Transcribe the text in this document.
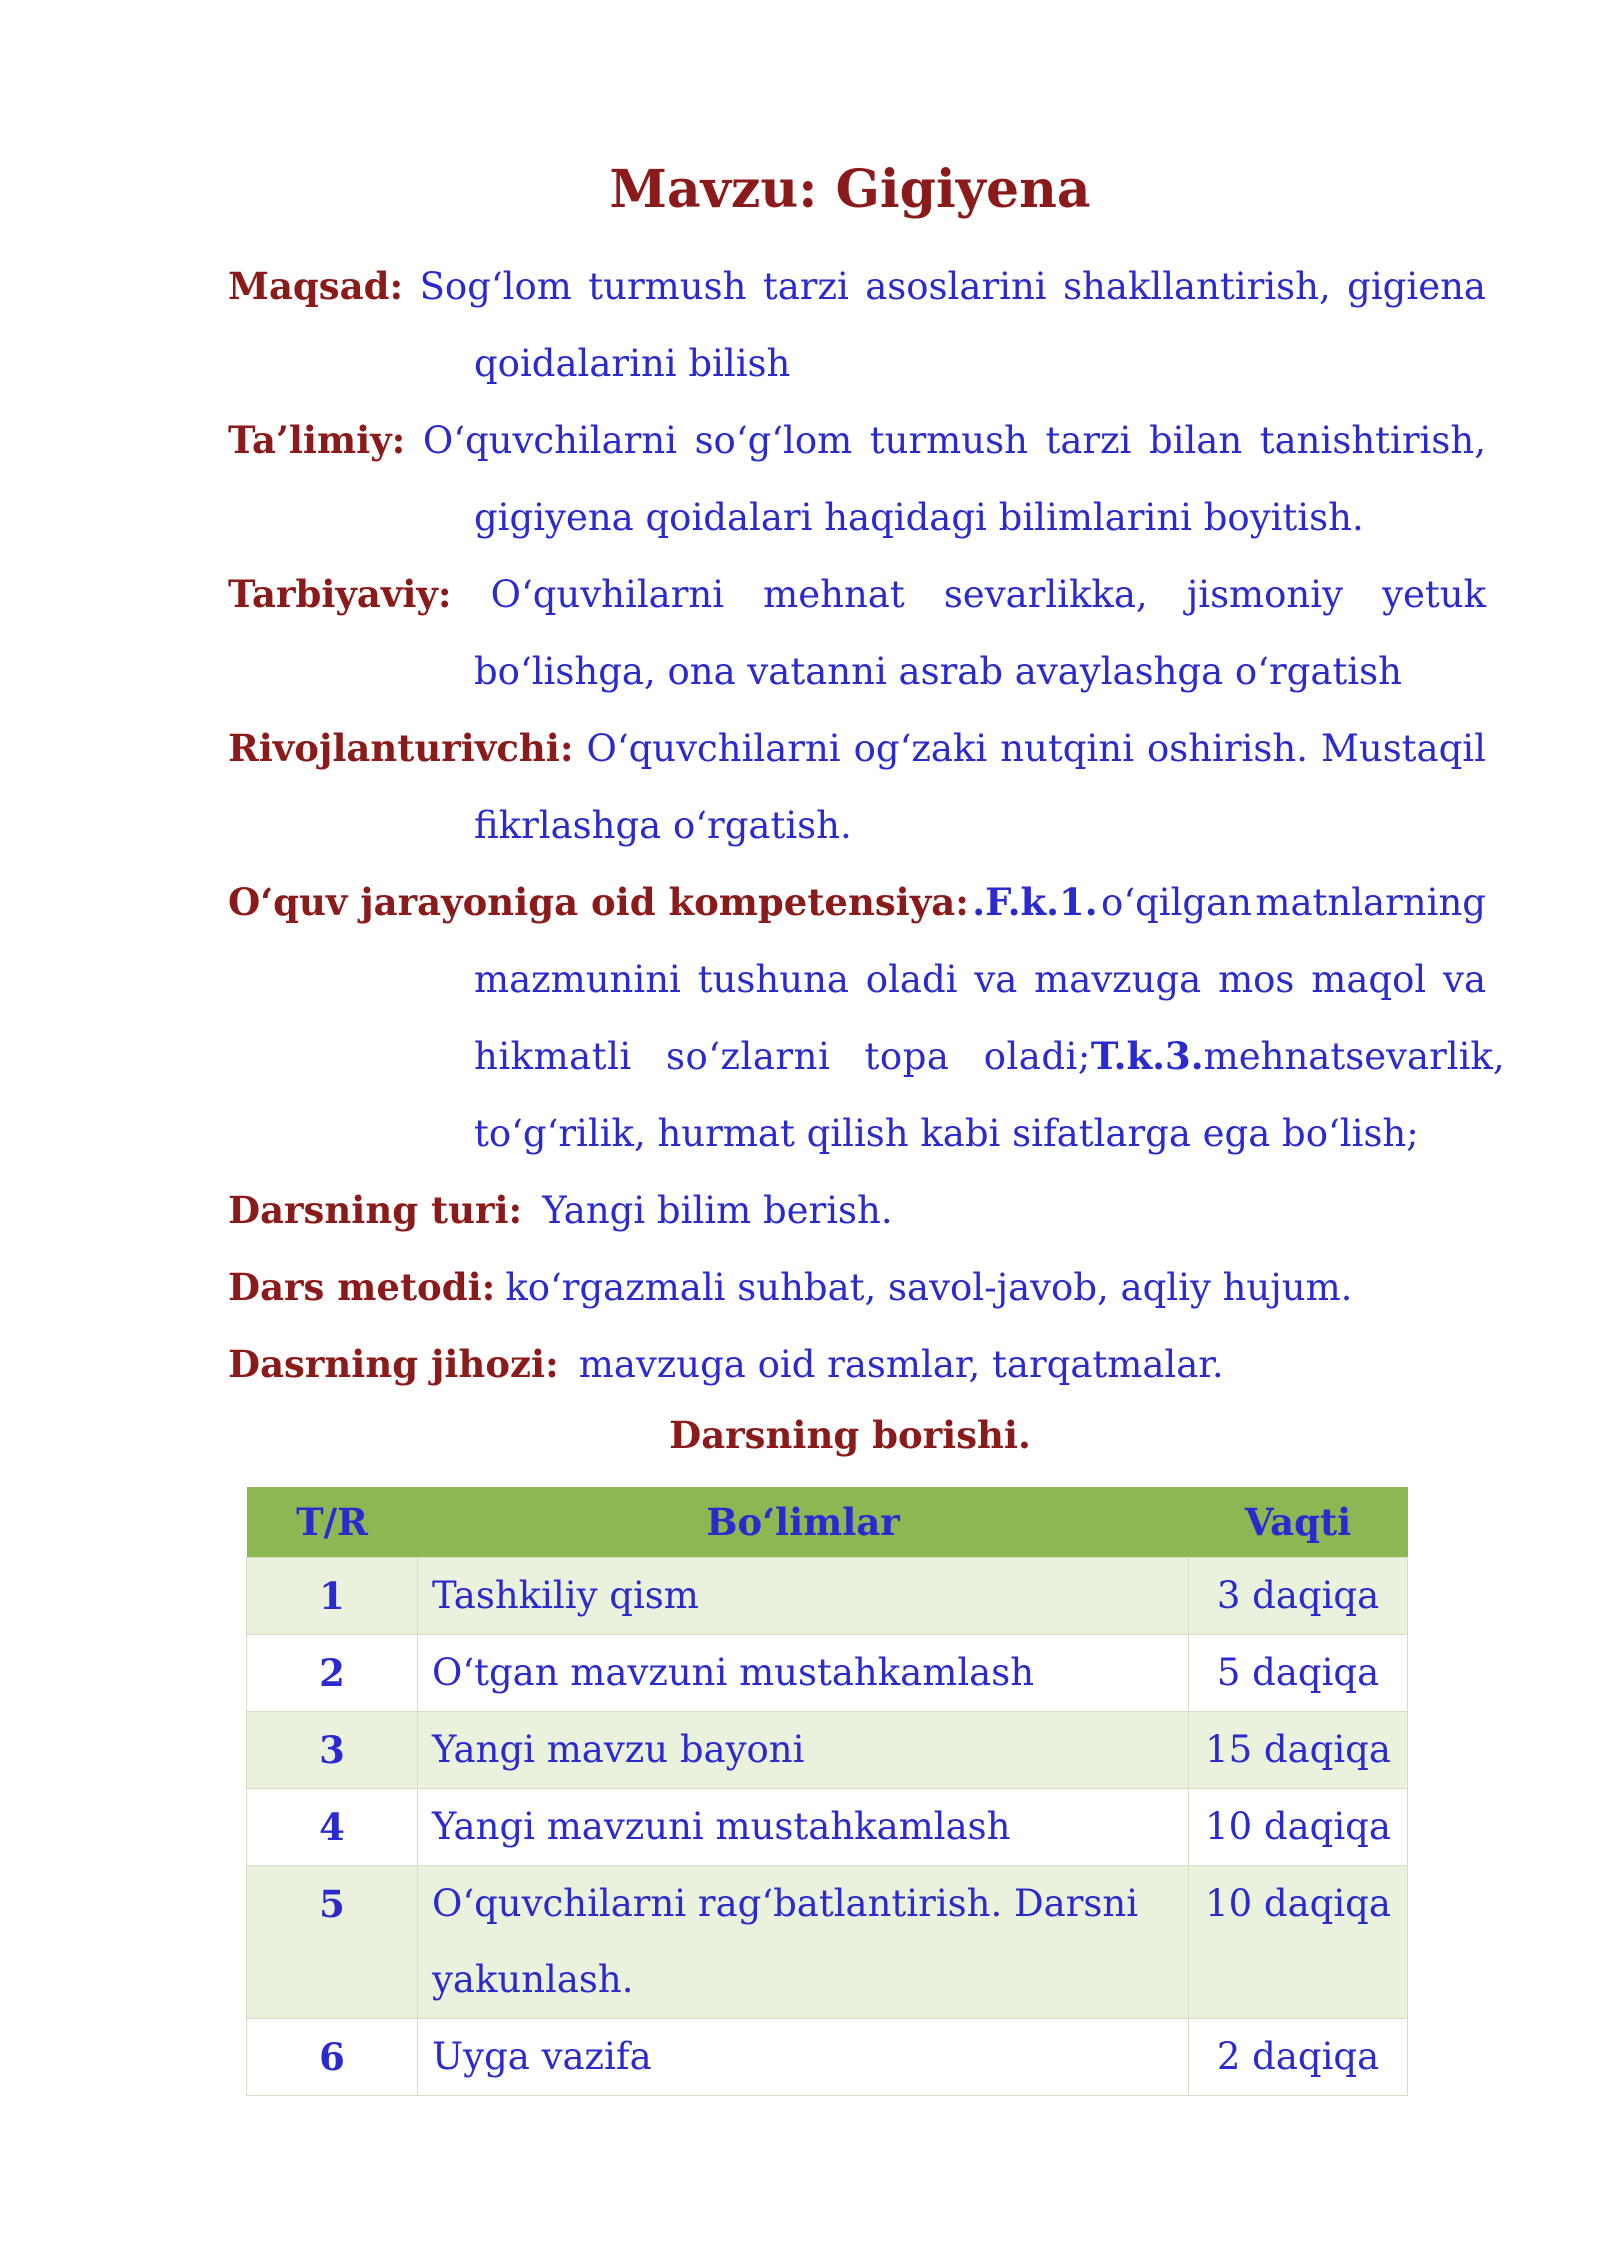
Mavzu: Gigiyena
Maqsad: Sog‘lom turmush tarzi asoslarini shakllantirish, gigiena
qoidalarini bilish
Ta’limiy: O‘quvchilarni so‘g‘lom turmush tarzi bilan tanishtirish,
gigiyena qoidalari haqidagi bilimlarini boyitish.
Tarbiyaviy: O‘quvhilarni mehnat sevarlikka, jismoniy yetuk
bo‘lishga, ona vatanni asrab avaylashga o‘rgatish
Rivojlanturivchi: O‘quvchilarni og‘zaki nutqini oshirish. Mustaqil
fikrlashga o‘rgatish.
O‘quv jarayoniga oid kompetensiya: .F.k.1. o‘qilgan matnlarning
mazmunini tushuna oladi va mavzuga mos maqol va
hikmatli so‘zlarni topa oladi; T.k.3. mehnatsevarlik,
to‘g‘rilik, hurmat qilish kabi sifatlarga ega bo‘lish;
Darsning turi: Yangi bilim berish.
Dars metodi: ko‘rgazmali suhbat, savol-javob, aqliy hujum.
Dasrning jihozi: mavzuga oid rasmlar, tarqatmalar.
Darsning borishi.
T/R	Bo‘limlar	Vaqti
1	Tashkiliy qism	3 daqiqa
2	O‘tgan mavzuni mustahkamlash	5 daqiqa
3	Yangi mavzu bayoni	15 daqiqa
4	Yangi mavzuni mustahkamlash	10 daqiqa
5	O‘quvchilarni rag‘batlantirish. Darsni yakunlash.	10 daqiqa
6	Uyga vazifa	2 daqiqa
